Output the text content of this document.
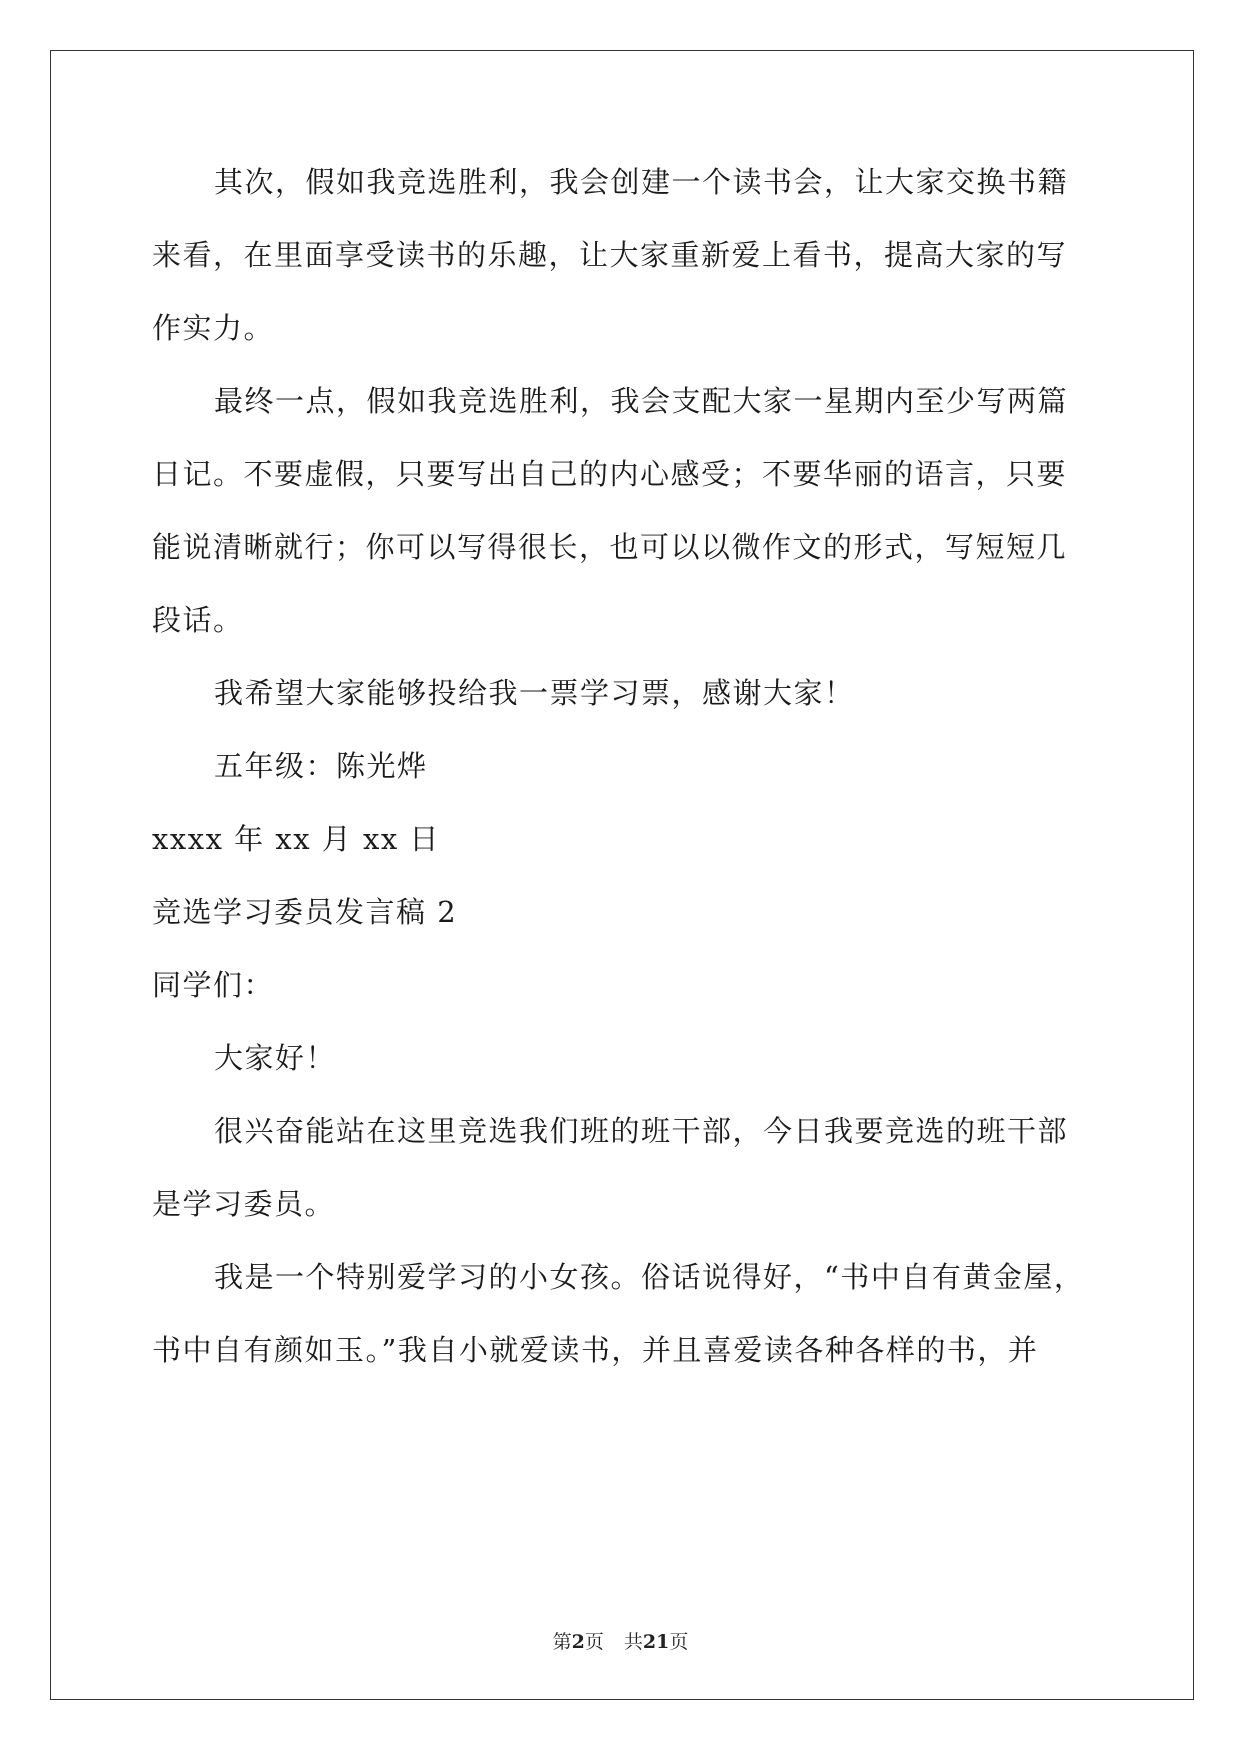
其次，假如我竞选胜利，我会创建一个读书会，让大家交换书籍
来看，在里面享受读书的乐趣，让大家重新爱上看书，提高大家的写
作实力。
最终一点，假如我竞选胜利，我会支配大家一星期内至少写两篇
日记。不要虚假，只要写出自己的内心感受；不要华丽的语言，只要
能说清晰就行；你可以写得很长，也可以以微作文的形式，写短短几
段话。
我希望大家能够投给我一票学习票，感谢大家！
五年级：陈光烨
xxxx 年 xx 月 xx 日
竞选学习委员发言稿 2
同学们：
大家好！
很兴奋能站在这里竞选我们班的班干部，今日我要竞选的班干部
是学习委员。
我是一个特别爱学习的小女孩。俗话说得好，“书中自有黄金屋，
书中自有颜如玉。”我自小就爱读书，并且喜爱读各种各样的书，并
第2页 共21页
